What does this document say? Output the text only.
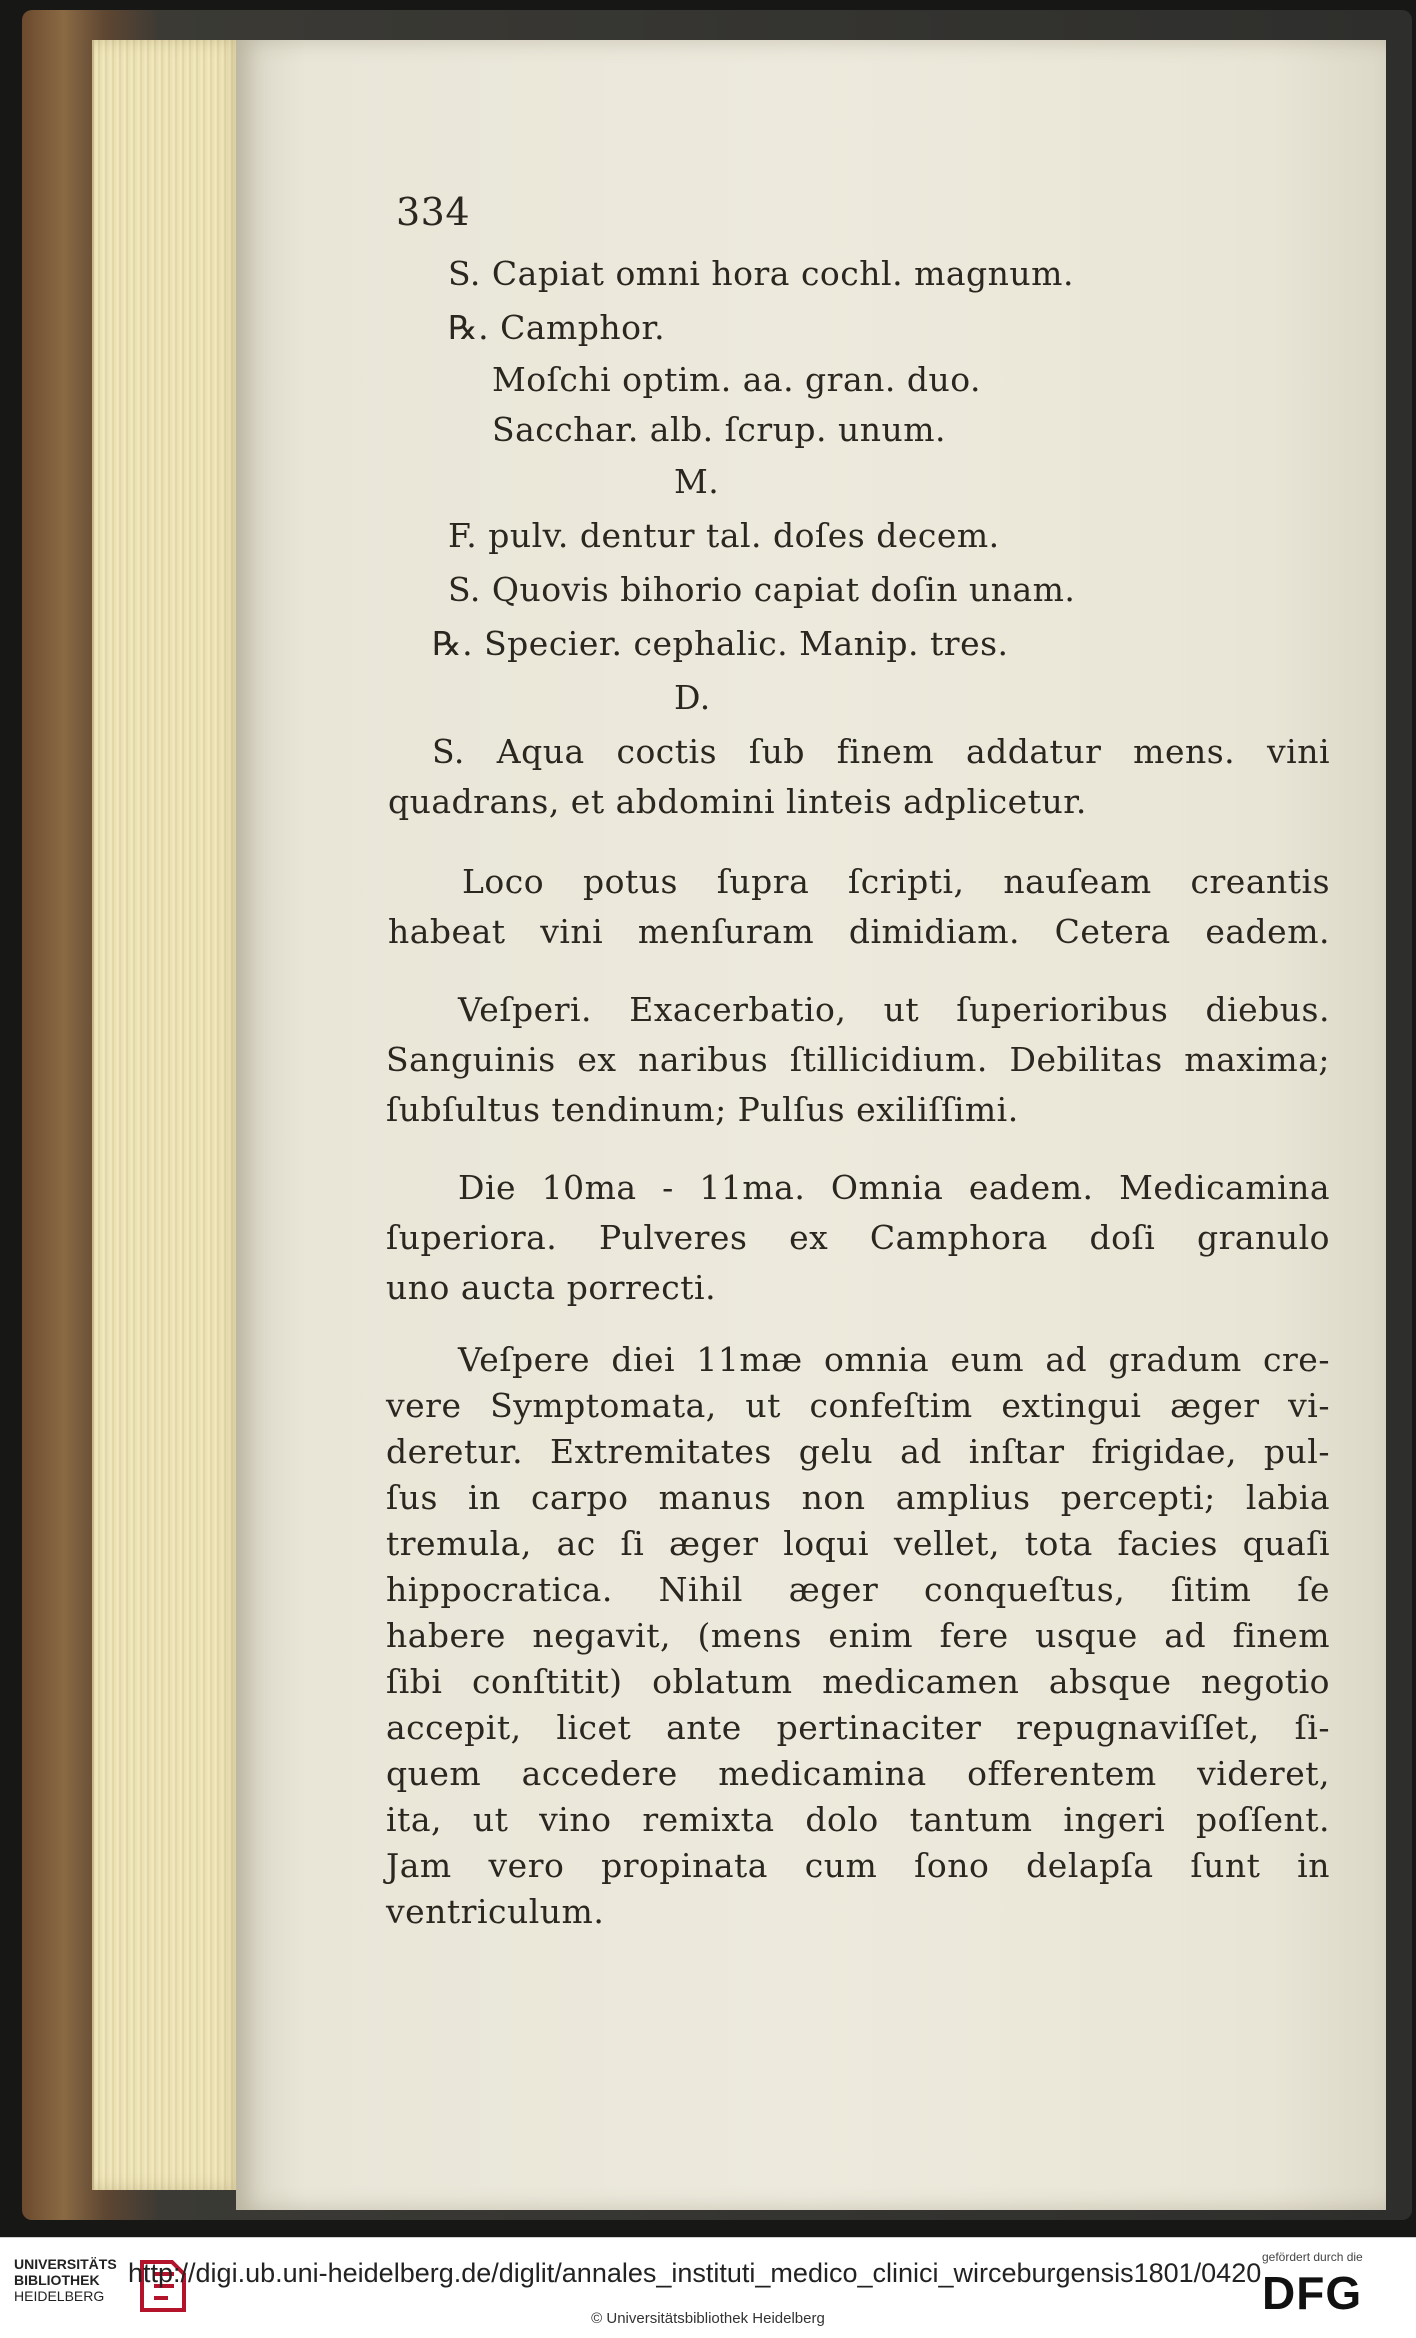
334
S. Capiat omni hora cochl. magnum.
℞. Camphor.
Moſchi optim. aa. gran. duo.
Sacchar. alb. ſcrup. unum.
M.
F. pulv. dentur tal. doſes decem.
S. Quovis bihorio capiat doſin unam.
℞. Specier. cephalic. Manip. tres.
D.
S. Aqua coctis ſub finem addatur mens. vini
quadrans, et abdomini linteis adplicetur.
Loco potus ſupra ſcripti, nauſeam creantis
habeat vini menſuram dimidiam. Cetera eadem.
Veſperi. Exacerbatio, ut ſuperioribus diebus.
Sanguinis ex naribus ſtillicidium. Debilitas maxima;
ſubſultus tendinum; Pulſus exiliſſimi.
Die 10ma - 11ma. Omnia eadem. Medicamina
ſuperiora. Pulveres ex Camphora doſi granulo
uno aucta porrecti.
Veſpere diei 11mæ omnia eum ad gradum cre-
vere Symptomata, ut confeſtim extingui æger vi-
deretur. Extremitates gelu ad inſtar frigidae, pul-
ſus in carpo manus non amplius percepti; labia
tremula, ac ſi æger loqui vellet, tota facies quaſi
hippocratica. Nihil æger conqueſtus, ſitim ſe
habere negavit, (mens enim fere usque ad finem
ſibi conſtitit) oblatum medicamen absque negotio
accepit, licet ante pertinaciter repugnaviſſet, ſi-
quem accedere medicamina offerentem videret,
ita, ut vino remixta dolo tantum ingeri poſſent.
Jam vero propinata cum ſono delapſa ſunt in
ventriculum.
UNIVERSITÄTS
BIBLIOTHEK
HEIDELBERG
http://digi.ub.uni-heidelberg.de/diglit/annales_instituti_medico_clinici_wirceburgensis1801/0420
© Universitätsbibliothek Heidelberg
gefördert durch die
DFG
